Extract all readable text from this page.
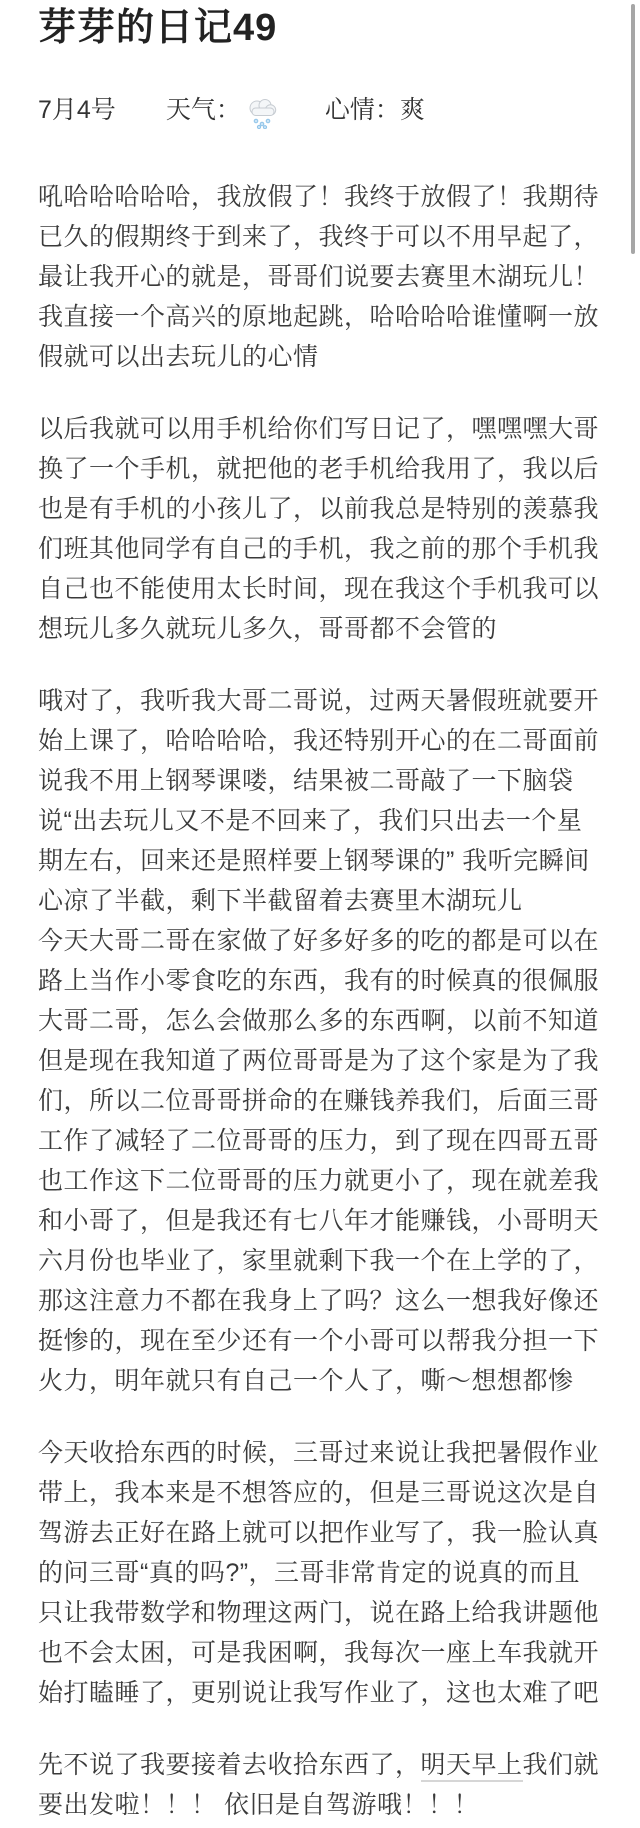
芽芽的日记49
7月4号 天气：	心情：爽

吼哈哈哈哈哈，我放假了！我终于放假了！我期待已久的假期终于到来了，我终于可以不用早起了，最让我开心的就是，哥哥们说要去赛里木湖玩儿！我直接一个高兴的原地起跳，哈哈哈哈谁懂啊一放假就可以出去玩儿的心情

以后我就可以用手机给你们写日记了，嘿嘿嘿大哥换了一个手机，就把他的老手机给我用了，我以后也是有手机的小孩儿了，以前我总是特别的羡慕我们班其他同学有自己的手机，我之前的那个手机我自己也不能使用太长时间，现在我这个手机我可以想玩儿多久就玩儿多久，哥哥都不会管的

哦对了，我听我大哥二哥说，过两天暑假班就要开始上课了，哈哈哈哈，我还特别开心的在二哥面前说我不用上钢琴课喽，结果被二哥敲了一下脑袋说“出去玩儿又不是不回来了，我们只出去一个星期左右，回来还是照样要上钢琴课的” 我听完瞬间心凉了半截，剩下半截留着去赛里木湖玩儿

今天大哥二哥在家做了好多好多的吃的都是可以在路上当作小零食吃的东西，我有的时候真的很佩服大哥二哥，怎么会做那么多的东西啊，以前不知道但是现在我知道了两位哥哥是为了这个家是为了我们，所以二位哥哥拼命的在赚钱养我们，后面三哥工作了减轻了二位哥哥的压力，到了现在四哥五哥也工作这下二位哥哥的压力就更小了，现在就差我和小哥了，但是我还有七八年才能赚钱，小哥明天六月份也毕业了，家里就剩下我一个在上学的了，那这注意力不都在我身上了吗？这么一想我好像还挺惨的，现在至少还有一个小哥可以帮我分担一下火力，明年就只有自己一个人了，嘶～想想都惨

今天收拾东西的时候，三哥过来说让我把暑假作业带上，我本来是不想答应的，但是三哥说这次是自驾游去正好在路上就可以把作业写了，我一脸认真的问三哥“真的吗?”，三哥非常肯定的说真的而且只让我带数学和物理这两门，说在路上给我讲题他也不会太困，可是我困啊，我每次一座上车我就开始打瞌睡了，更别说让我写作业了，这也太难了吧

先不说了我要接着去收拾东西了，明天早上我们就要出发啦！！！ 依旧是自驾游哦！！！
